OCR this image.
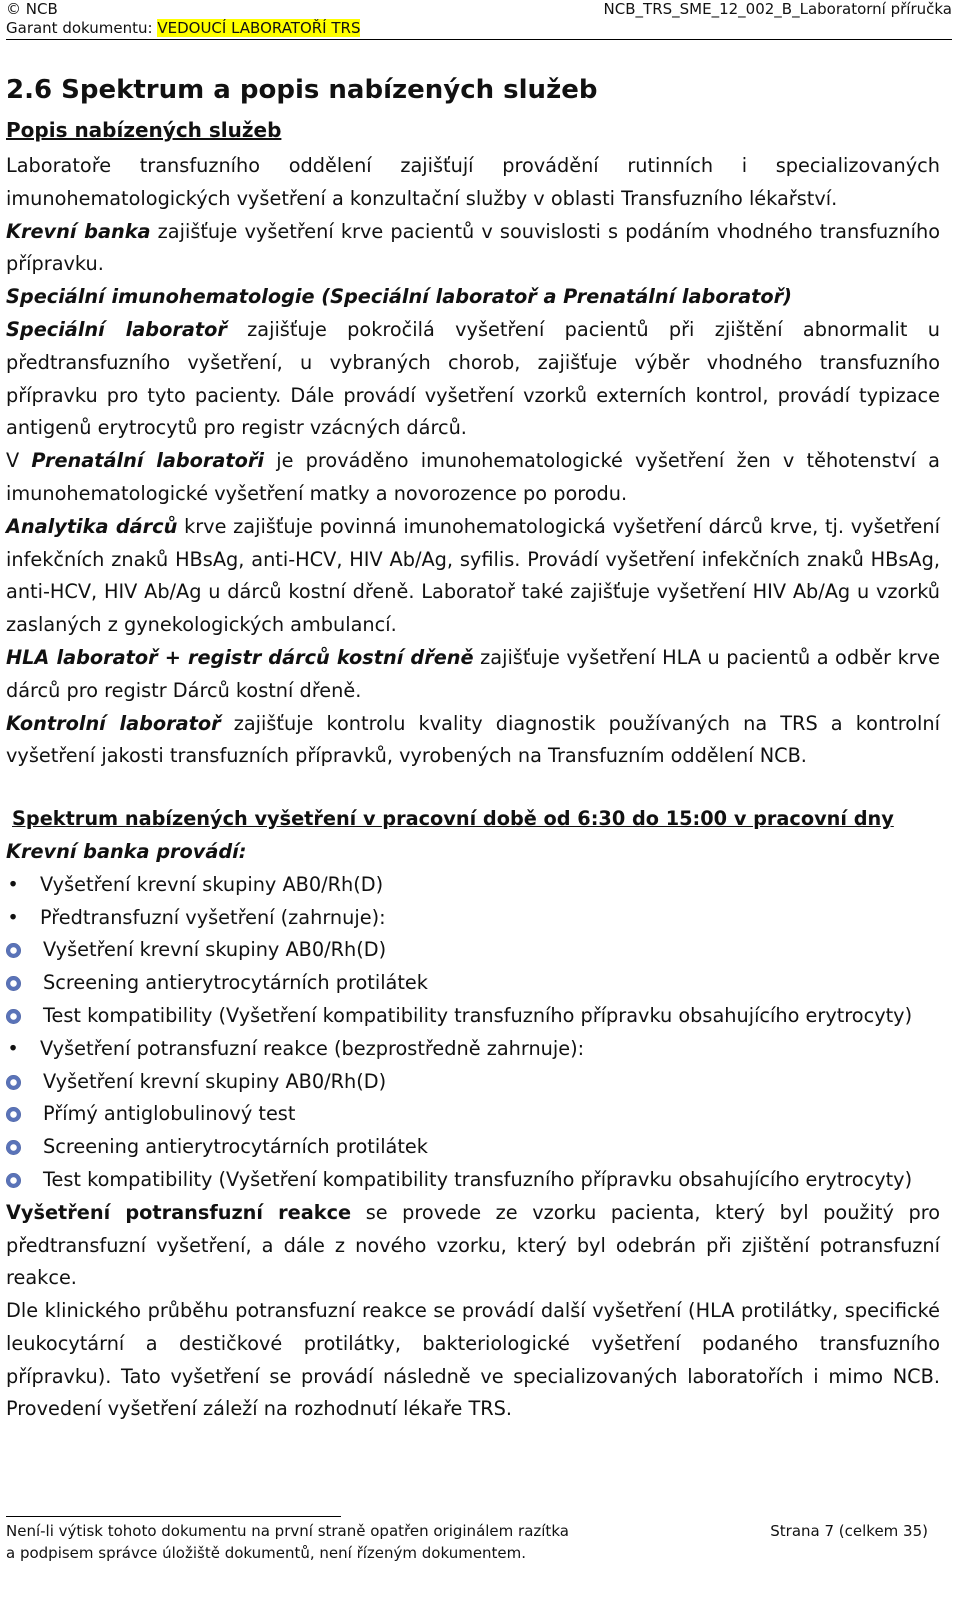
© NCB	NCB_TRS_SME_12_002_B_Laboratorní příručka
Garant dokumentu: VEDOUCÍ LABORATOŘÍ TRS
2.6 Spektrum a popis nabízených služeb
Popis nabízených služeb

Laboratoře transfuzního oddělení zajišťují provádění rutinních i specializovaných imunohematologických vyšetření a konzultační služby v oblasti Transfuzního lékařství.

Krevní banka zajišťuje vyšetření krve pacientů v souvislosti s podáním vhodného transfuzního přípravku.

Speciální imunohematologie (Speciální laboratoř a Prenatální laboratoř)

Speciální laboratoř zajišťuje pokročilá vyšetření pacientů při zjištění abnormalit u předtransfuzního vyšetření, u vybraných chorob, zajišťuje výběr vhodného transfuzního přípravku pro tyto pacienty. Dále provádí vyšetření vzorků externích kontrol, provádí typizace antigenů erytrocytů pro registr vzácných dárců.

V Prenatální laboratoři je prováděno imunohematologické vyšetření žen v těhotenství a imunohematologické vyšetření matky a novorozence po porodu.

Analytika dárců krve zajišťuje povinná imunohematologická vyšetření dárců krve, tj. vyšetření infekčních znaků HBsAg, anti-HCV, HIV Ab/Ag, syfilis. Provádí vyšetření infekčních znaků HBsAg, anti-HCV, HIV Ab/Ag u dárců kostní dřeně. Laboratoř také zajišťuje vyšetření HIV Ab/Ag u vzorků zaslaných z gynekologických ambulancí.

HLA laboratoř + registr dárců kostní dřeně zajišťuje vyšetření HLA u pacientů a odběr krve dárců pro registr Dárců kostní dřeně.

Kontrolní laboratoř zajišťuje kontrolu kvality diagnostik používaných na TRS a kontrolní vyšetření jakosti transfuzních přípravků, vyrobených na Transfuzním oddělení NCB.

Spektrum nabízených vyšetření v pracovní době od 6:30 do 15:00 v pracovní dny

Krevní banka provádí:

• Vyšetření krevní skupiny AB0/Rh(D)
• Předtransfuzní vyšetření (zahrnuje):
Vyšetření krevní skupiny AB0/Rh(D)
Screening antierytrocytárních protilátek
Test kompatibility (Vyšetření kompatibility transfuzního přípravku obsahujícího erytrocyty)
• Vyšetření potransfuzní reakce (bezprostředně zahrnuje):
Vyšetření krevní skupiny AB0/Rh(D)
Přímý antiglobulinový test
Screening antierytrocytárních protilátek
Test kompatibility (Vyšetření kompatibility transfuzního přípravku obsahujícího erytrocyty)

Vyšetření potransfuzní reakce se provede ze vzorku pacienta, který byl použitý pro předtransfuzní vyšetření, a dále z nového vzorku, který byl odebrán při zjištění potransfuzní reakce.

Dle klinického průběhu potransfuzní reakce se provádí další vyšetření (HLA protilátky, specifické leukocytární a destičkové protilátky, bakteriologické vyšetření podaného transfuzního přípravku). Tato vyšetření se provádí následně ve specializovaných laboratořích i mimo NCB. Provedení vyšetření záleží na rozhodnutí lékaře TRS.

Není-li výtisk tohoto dokumentu na první straně opatřen originálem razítka	Strana 7 (celkem 35)
a podpisem správce úložiště dokumentů, není řízeným dokumentem.
